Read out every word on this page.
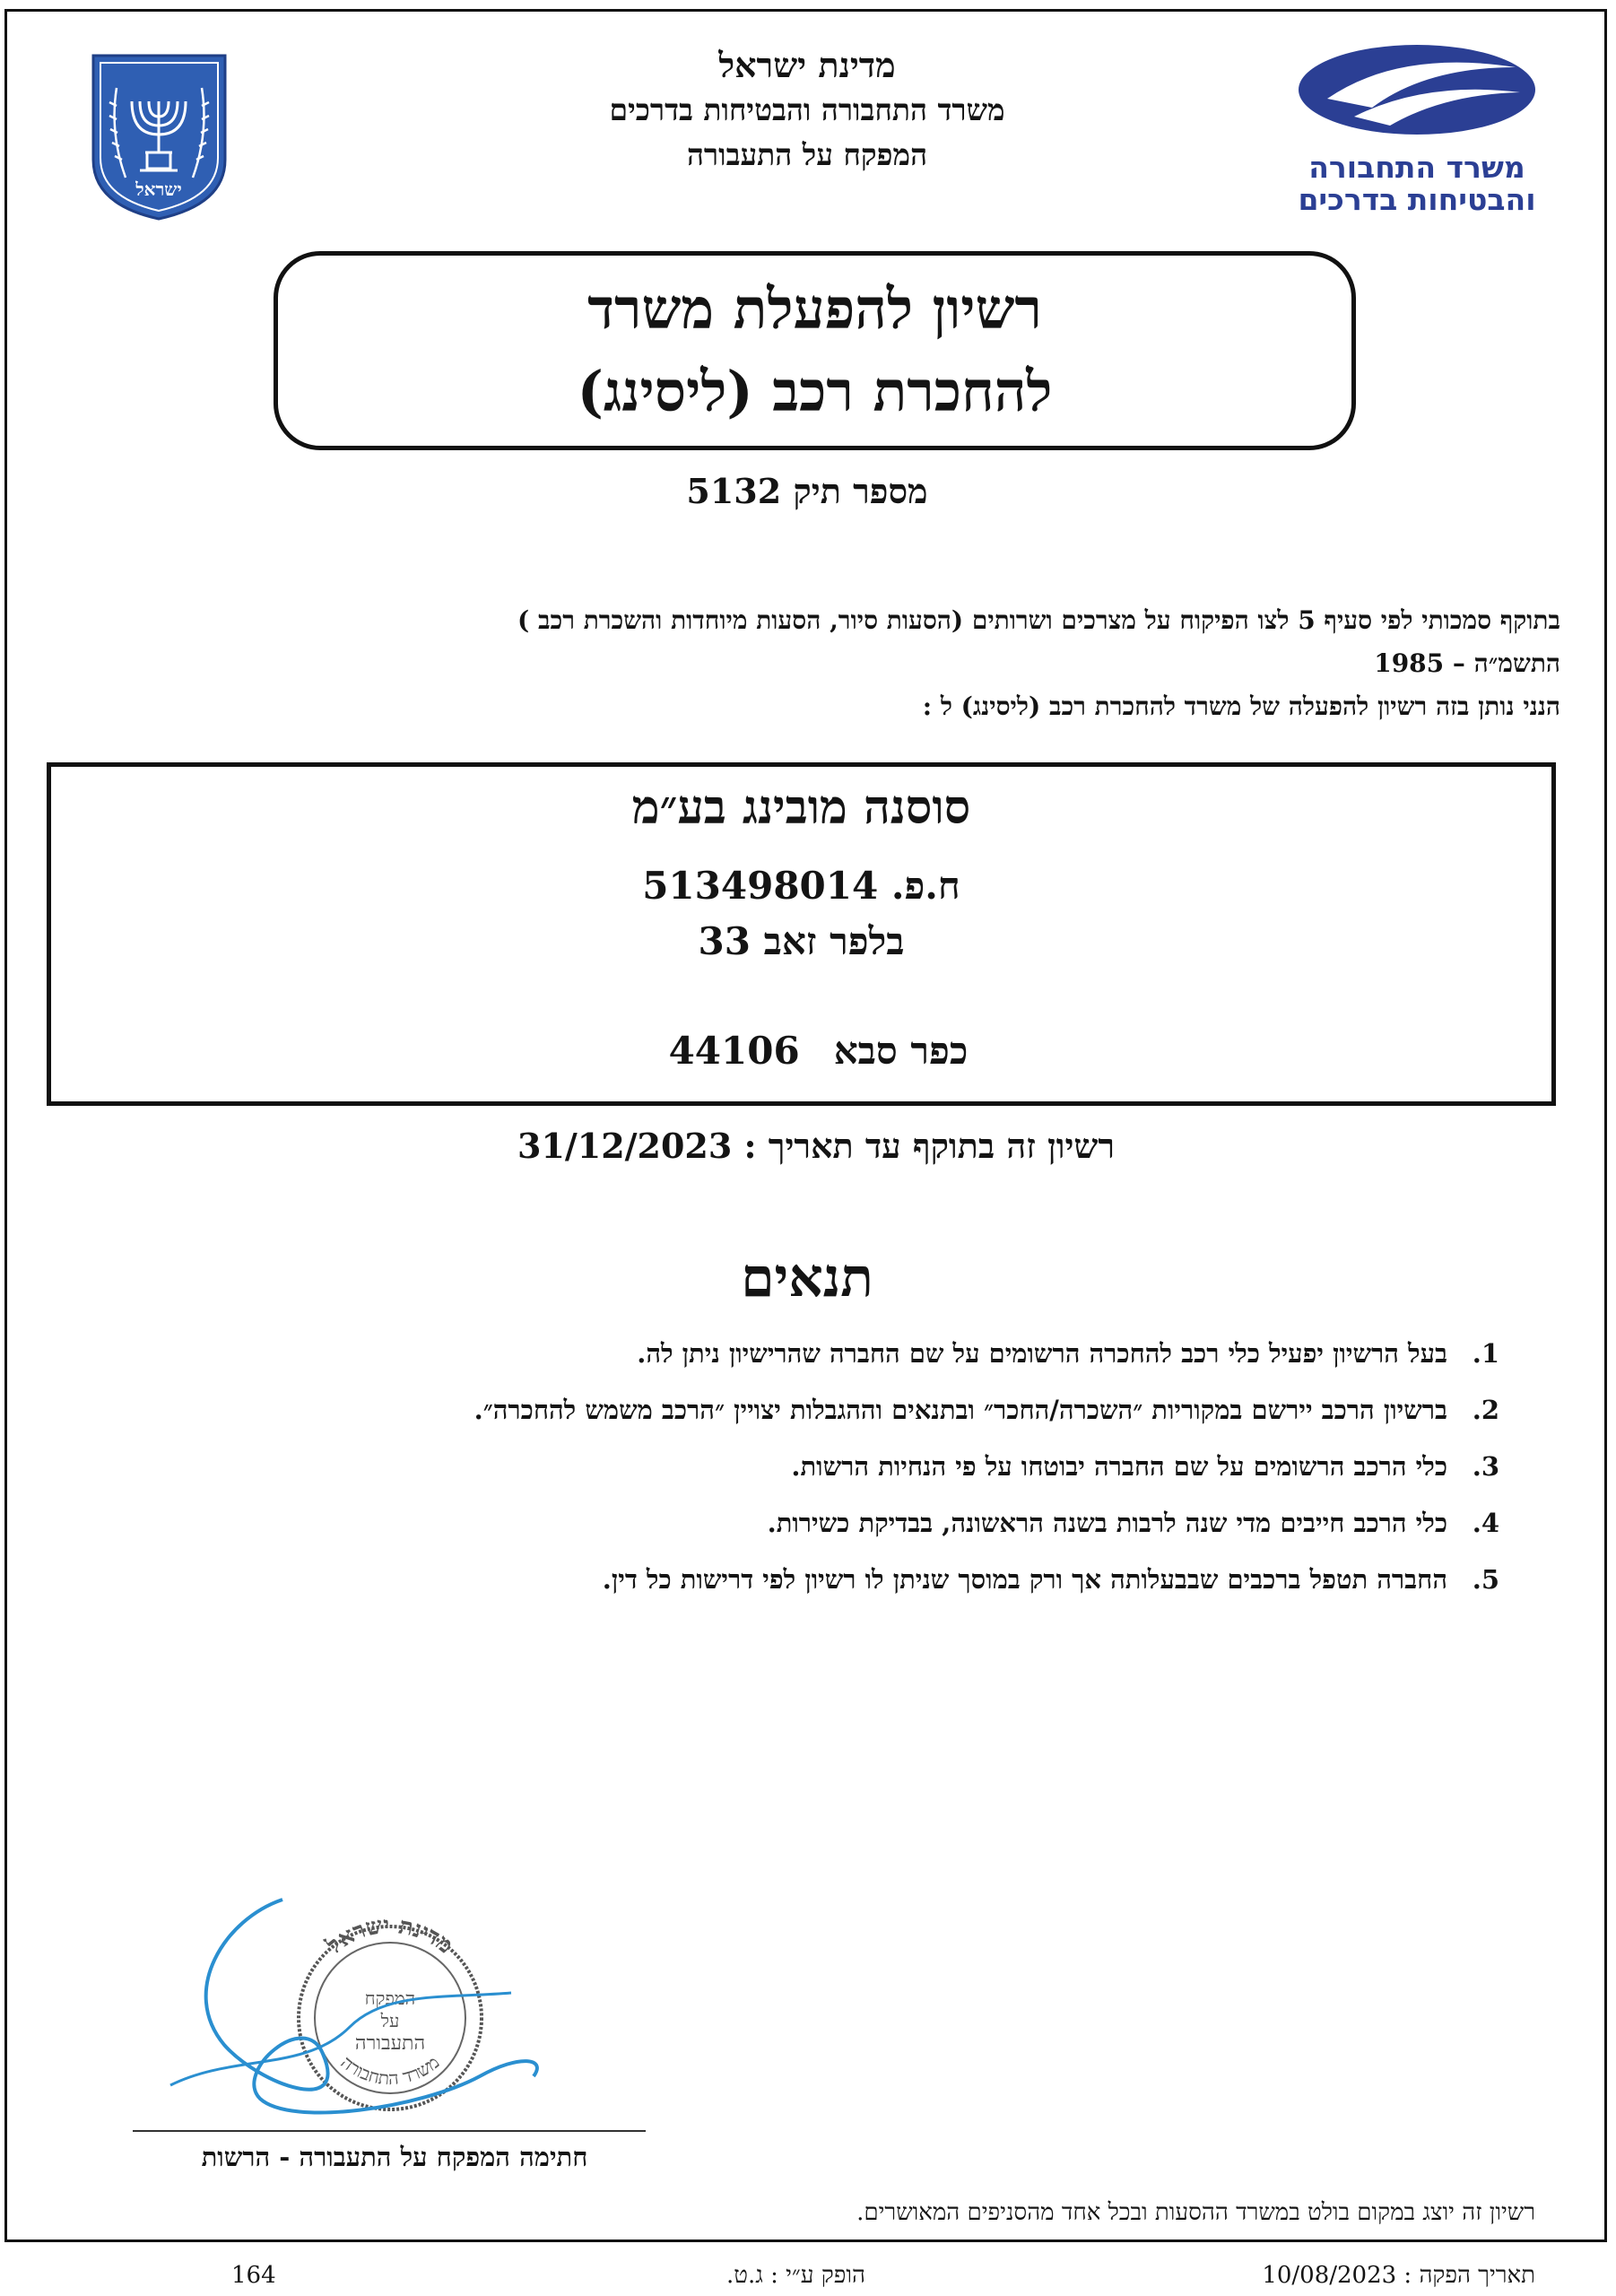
ישראל
מדינת ישראל
משרד התחבורה והבטיחות בדרכים
המפקח על התעבורה	משרד התחבורה
והבטיחות בדרכים
רשיון להפעלת משרד
להחכרת רכב (ליסינג)
מספר תיק 5132
בתוקף סמכותי לפי סעיף 5 לצו הפיקוח על מצרכים ושרותים (הסעות סיור, הסעות מיוחדות והשכרת רכב )
התשמ״ה – 1985
הנני נותן בזה רשיון להפעלה של משרד להחכרת רכב (ליסינג) ל :
סוסנה מובינג בע״מ
ח.פ. 513498014
בלפר זאב 33
כפר סבא44106
רשיון זה בתוקף עד תאריך : 31/12/2023
תנאים
1.בעל הרשיון יפעיל כלי רכב להחכרה הרשומים על שם החברה שהרישיון ניתן לה.
2.ברשיון הרכב יירשם במקוריות ״השכרה/החכר״ ובתנאים וההגבלות יצויין ״הרכב משמש להחכרה״.
3.כלי הרכב הרשומים על שם החברה יבוטחו על פי הנחיות הרשות.
4.כלי הרכב חייבים מדי שנה לרבות בשנה הראשונה, בבדיקת כשירות.
5.החברה תטפל ברכבים שבבעלותה אך ורק במוסך שניתן לו רשיון לפי דרישות כל דין.
מדינת ישראל
משרד התחבורה
המפקח
על
התעבורה
חתימה המפקח על התעבורה - הרשות
רשיון זה יוצג במקום בולט במשרד ההסעות ובכל אחד מהסניפים המאושרים.
תאריך הפקה : 10/08/2023
הופק ע״י : ג.ט.
164
